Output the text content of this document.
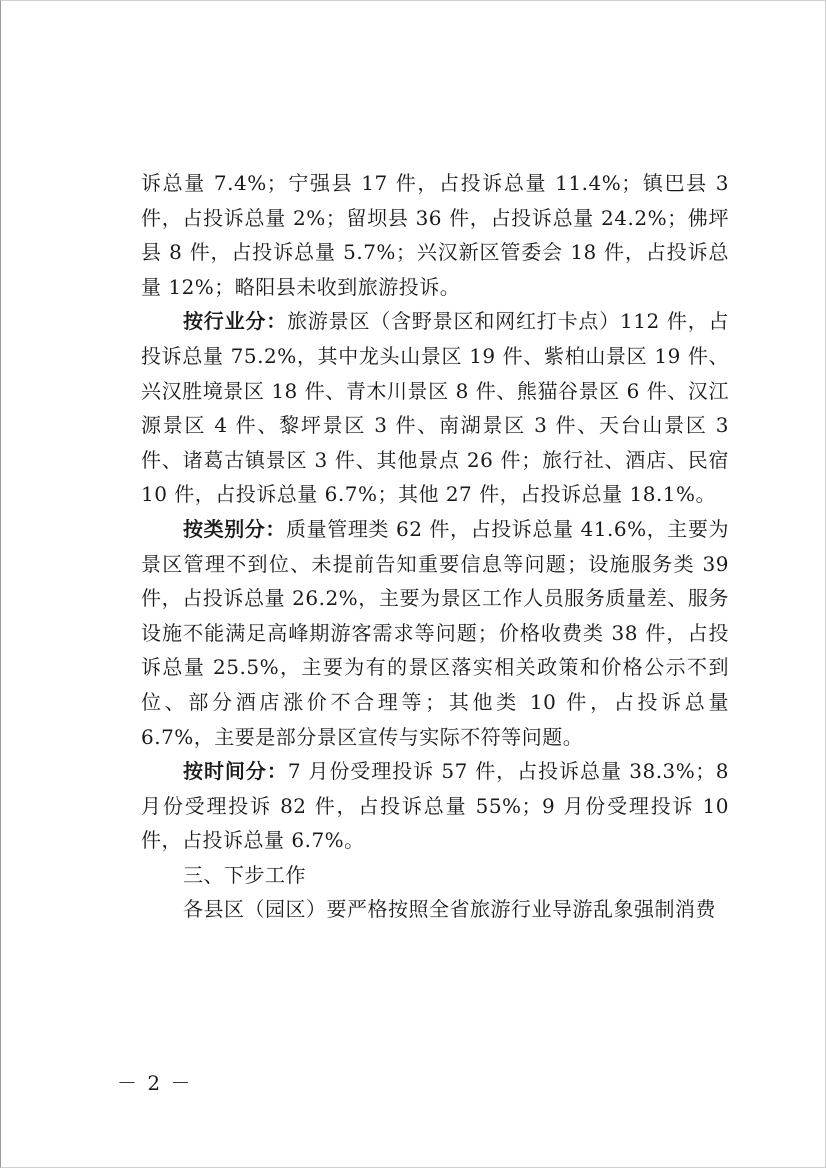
诉总量 7.4%；宁强县 17 件，占投诉总量 11.4%；镇巴县 3 件，占投诉总量 2%；留坝县 36 件，占投诉总量 24.2%；佛坪县 8 件，占投诉总量 5.7%；兴汉新区管委会 18 件，占投诉总量 12%；略阳县未收到旅游投诉。

按行业分：旅游景区（含野景区和网红打卡点）112 件，占投诉总量 75.2%，其中龙头山景区 19 件、紫柏山景区 19 件、兴汉胜境景区 18 件、青木川景区 8 件、熊猫谷景区 6 件、汉江源景区 4 件、黎坪景区 3 件、南湖景区 3 件、天台山景区 3 件、诸葛古镇景区 3 件、其他景点 26 件；旅行社、酒店、民宿 10 件，占投诉总量 6.7%；其他 27 件，占投诉总量 18.1%。

按类别分：质量管理类 62 件，占投诉总量 41.6%，主要为景区管理不到位、未提前告知重要信息等问题；设施服务类 39 件，占投诉总量 26.2%，主要为景区工作人员服务质量差、服务设施不能满足高峰期游客需求等问题；价格收费类 38 件，占投诉总量 25.5%，主要为有的景区落实相关政策和价格公示不到位、部分酒店涨价不合理等；其他类 10 件，占投诉总量 6.7%，主要是部分景区宣传与实际不符等问题。

按时间分：7 月份受理投诉 57 件，占投诉总量 38.3%；8 月份受理投诉 82 件，占投诉总量 55%；9 月份受理投诉 10 件，占投诉总量 6.7%。

三、下步工作

各县区（园区）要严格按照全省旅游行业导游乱象强制消费

－ 2 －
